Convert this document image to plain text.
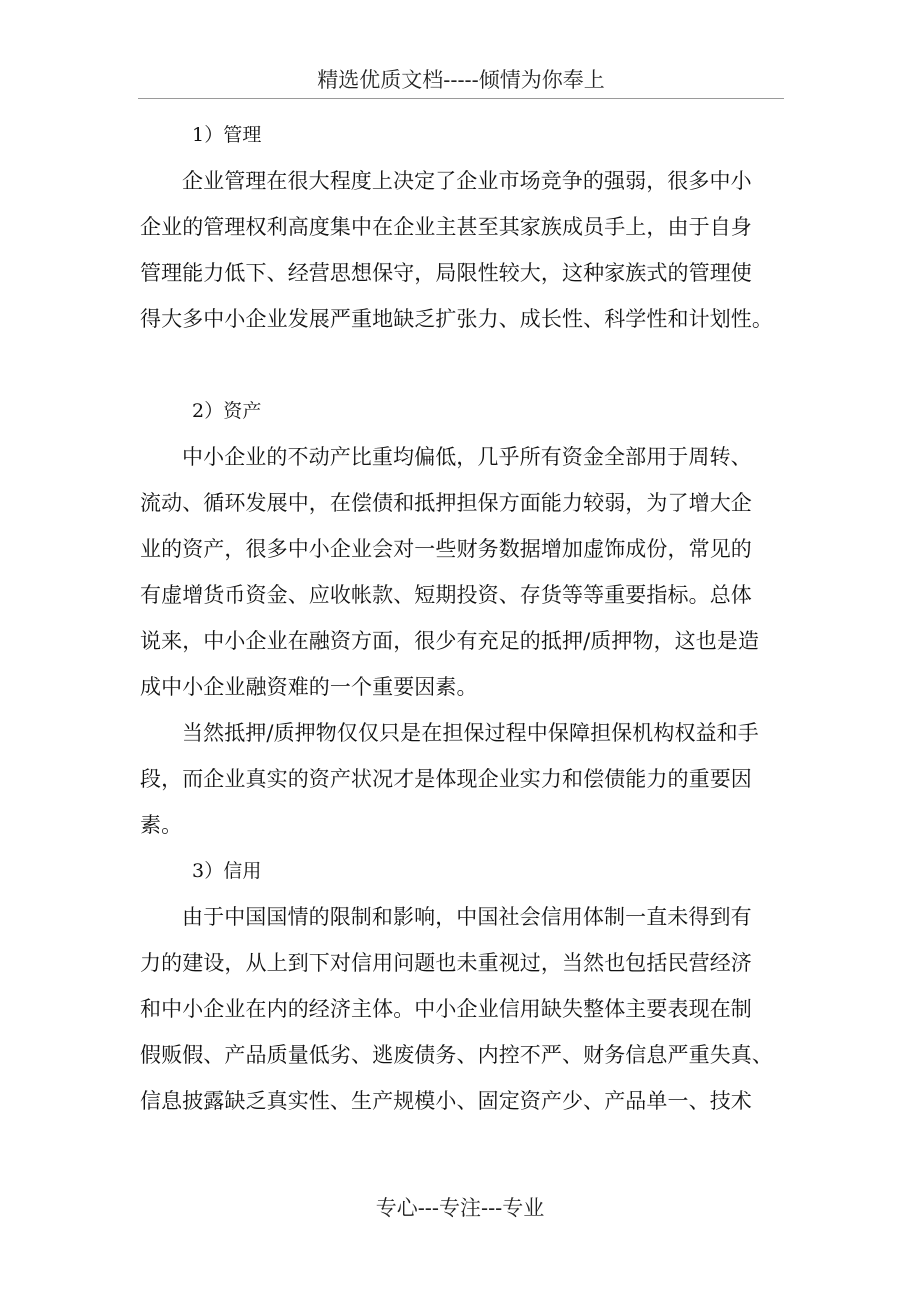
精选优质文档-----倾情为你奉上
1）管理
企业管理在很大程度上决定了企业市场竞争的强弱，很多中小
企业的管理权利高度集中在企业主甚至其家族成员手上，由于自身
管理能力低下、经营思想保守，局限性较大，这种家族式的管理使
得大多中小企业发展严重地缺乏扩张力、成长性、科学性和计划性。
2）资产
中小企业的不动产比重均偏低，几乎所有资金全部用于周转、
流动、循环发展中，在偿债和抵押担保方面能力较弱，为了增大企
业的资产，很多中小企业会对一些财务数据增加虚饰成份，常见的
有虚增货币资金、应收帐款、短期投资、存货等等重要指标。总体
说来，中小企业在融资方面，很少有充足的抵押/质押物，这也是造
成中小企业融资难的一个重要因素。
当然抵押/质押物仅仅只是在担保过程中保障担保机构权益和手
段，而企业真实的资产状况才是体现企业实力和偿债能力的重要因
素。
3）信用
由于中国国情的限制和影响，中国社会信用体制一直未得到有
力的建设，从上到下对信用问题也未重视过，当然也包括民营经济
和中小企业在内的经济主体。中小企业信用缺失整体主要表现在制
假贩假、产品质量低劣、逃废债务、内控不严、财务信息严重失真、
信息披露缺乏真实性、生产规模小、固定资产少、产品单一、技术
专心---专注---专业
